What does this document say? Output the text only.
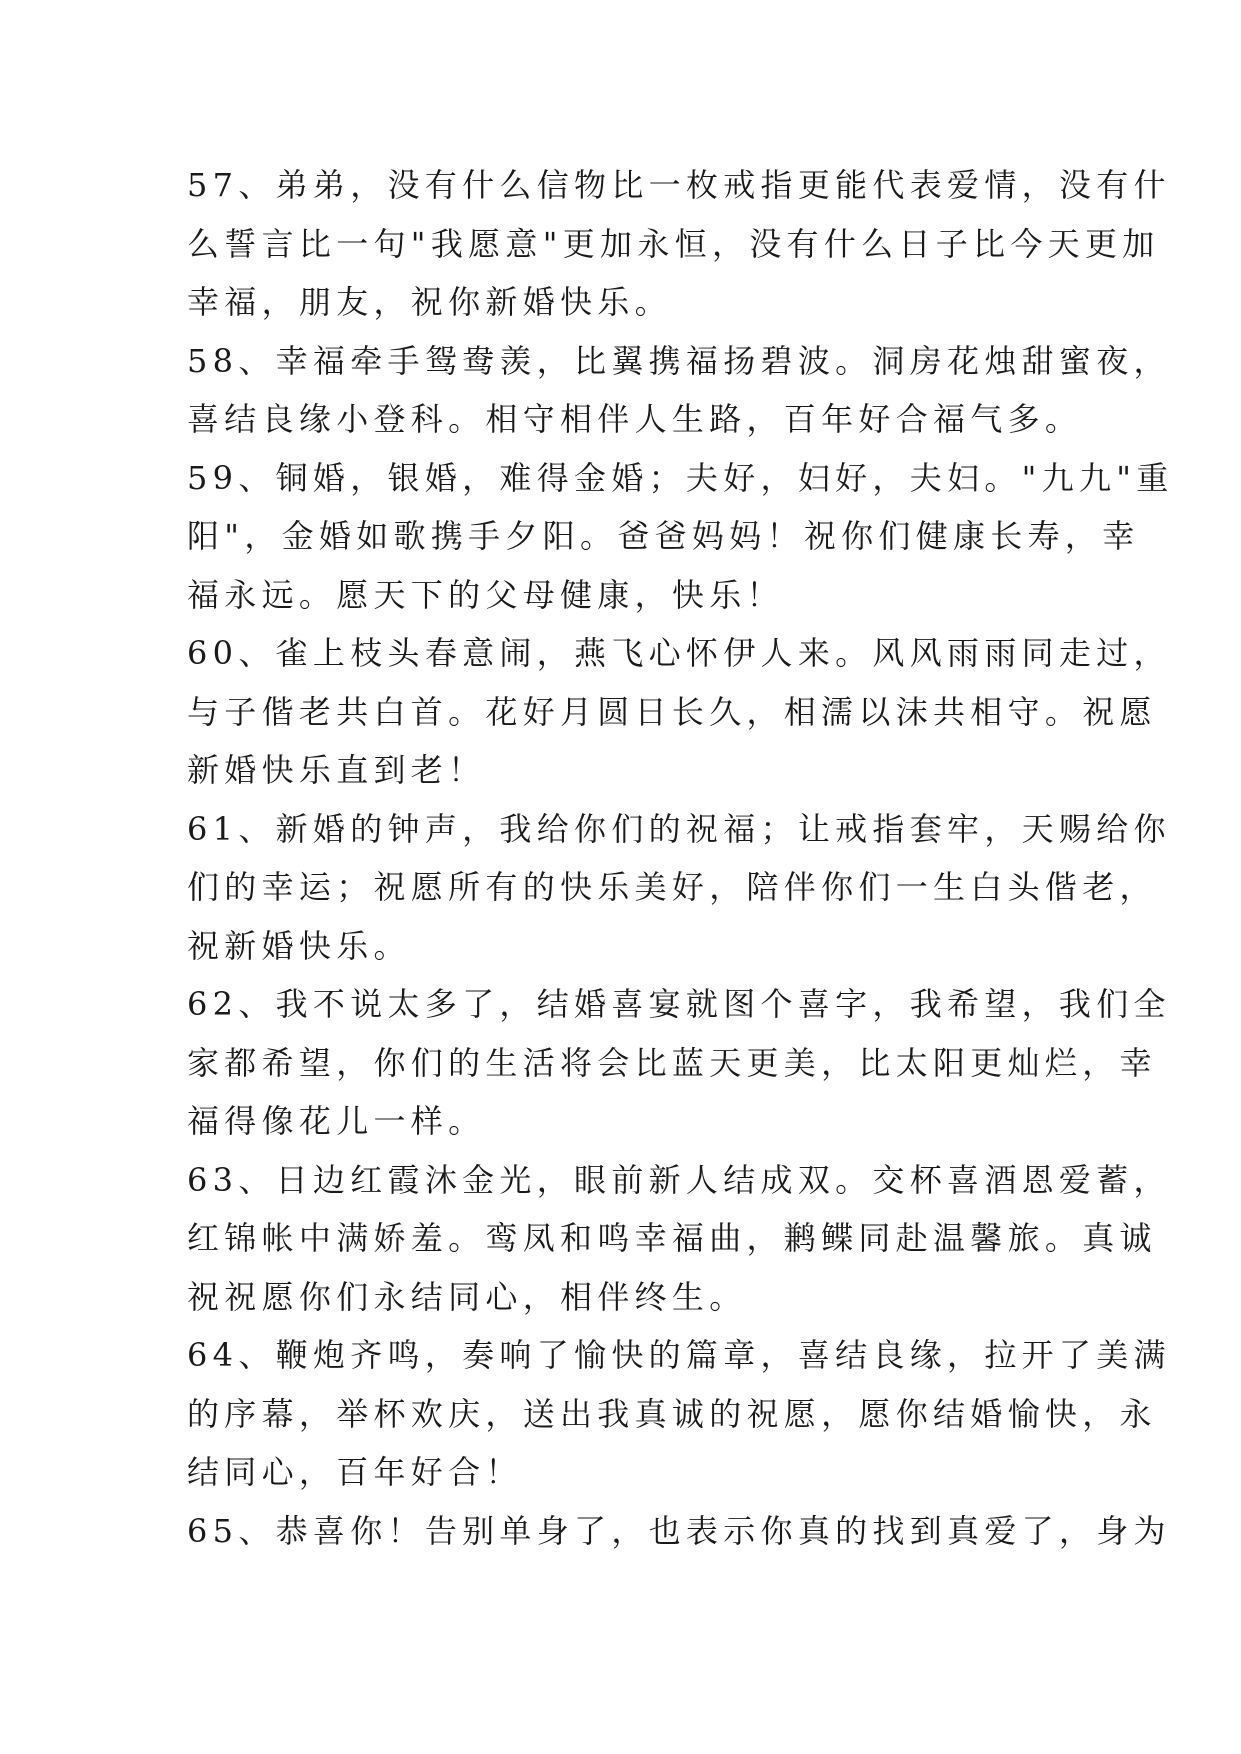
57、弟弟，没有什么信物比一枚戒指更能代表爱情，没有什
么誓言比一句"我愿意"更加永恒，没有什么日子比今天更加
幸福，朋友，祝你新婚快乐。
58、幸福牵手鸳鸯羡，比翼携福扬碧波。洞房花烛甜蜜夜，
喜结良缘小登科。相守相伴人生路，百年好合福气多。
59、铜婚，银婚，难得金婚；夫好，妇好，夫妇。"九九"重
阳"，金婚如歌携手夕阳。爸爸妈妈！祝你们健康长寿，幸
福永远。愿天下的父母健康，快乐！
60、雀上枝头春意闹，燕飞心怀伊人来。风风雨雨同走过，
与子偕老共白首。花好月圆日长久，相濡以沫共相守。祝愿
新婚快乐直到老！
61、新婚的钟声，我给你们的祝福；让戒指套牢，天赐给你
们的幸运；祝愿所有的快乐美好，陪伴你们一生白头偕老，
祝新婚快乐。
62、我不说太多了，结婚喜宴就图个喜字，我希望，我们全
家都希望，你们的生活将会比蓝天更美，比太阳更灿烂，幸
福得像花儿一样。
63、日边红霞沐金光，眼前新人结成双。交杯喜酒恩爱蓄，
红锦帐中满娇羞。鸾凤和鸣幸福曲，鹣鲽同赴温馨旅。真诚
祝祝愿你们永结同心，相伴终生。
64、鞭炮齐鸣，奏响了愉快的篇章，喜结良缘，拉开了美满
的序幕，举杯欢庆，送出我真诚的祝愿，愿你结婚愉快，永
结同心，百年好合！
65、恭喜你！告别单身了，也表示你真的找到真爱了，身为
